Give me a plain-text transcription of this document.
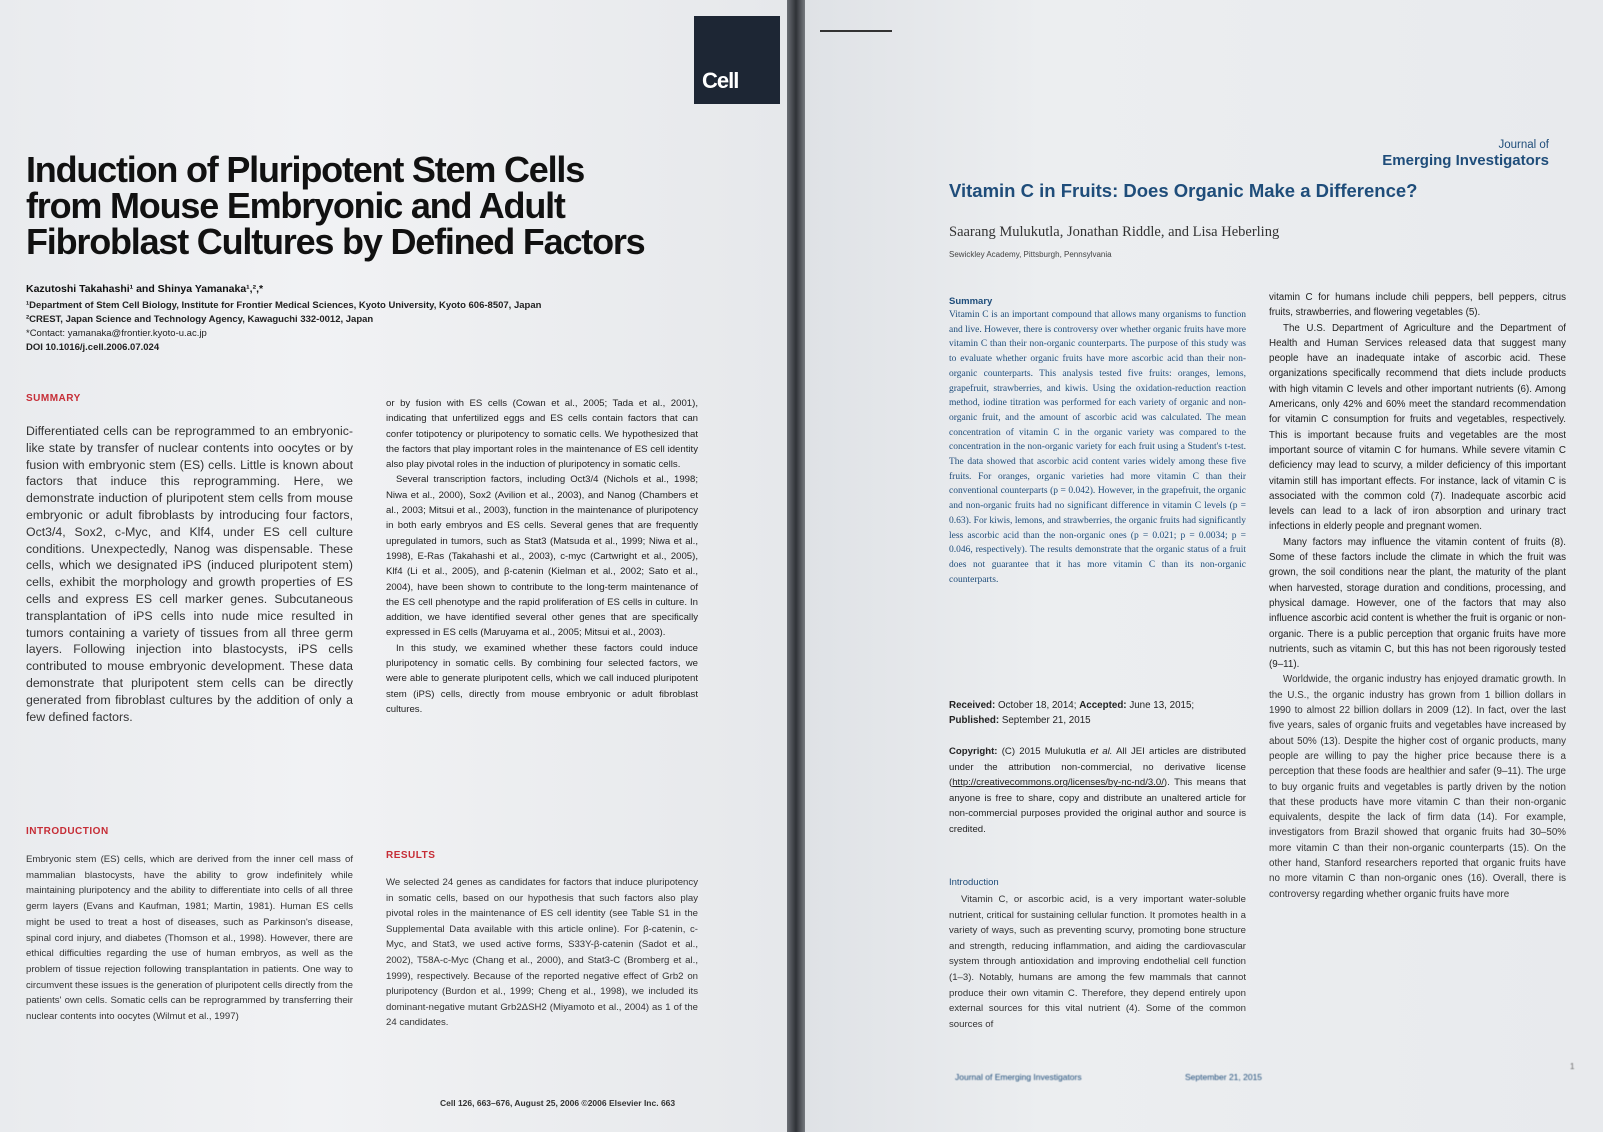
Cell
Induction of Pluripotent Stem Cells from Mouse Embryonic and Adult Fibroblast Cultures by Defined Factors
Kazutoshi Takahashi¹ and Shinya Yamanaka¹,²,*
¹Department of Stem Cell Biology, Institute for Frontier Medical Sciences, Kyoto University, Kyoto 606-8507, Japan
²CREST, Japan Science and Technology Agency, Kawaguchi 332-0012, Japan
*Contact: yamanaka@frontier.kyoto-u.ac.jp
DOI 10.1016/j.cell.2006.07.024
SUMMARY
Differentiated cells can be reprogrammed to an embryonic-like state by transfer of nuclear contents into oocytes or by fusion with embryonic stem (ES) cells. Little is known about factors that induce this reprogramming. Here, we demonstrate induction of pluripotent stem cells from mouse embryonic or adult fibroblasts by introducing four factors, Oct3/4, Sox2, c-Myc, and Klf4, under ES cell culture conditions. Unexpectedly, Nanog was dispensable. These cells, which we designated iPS (induced pluripotent stem) cells, exhibit the morphology and growth properties of ES cells and express ES cell marker genes. Subcutaneous transplantation of iPS cells into nude mice resulted in tumors containing a variety of tissues from all three germ layers. Following injection into blastocysts, iPS cells contributed to mouse embryonic development. These data demonstrate that pluripotent stem cells can be directly generated from fibroblast cultures by the addition of only a few defined factors.
INTRODUCTION
Embryonic stem (ES) cells, which are derived from the inner cell mass of mammalian blastocysts, have the ability to grow indefinitely while maintaining pluripotency and the ability to differentiate into cells of all three germ layers (Evans and Kaufman, 1981; Martin, 1981). Human ES cells might be used to treat a host of diseases, such as Parkinson's disease, spinal cord injury, and diabetes (Thomson et al., 1998). However, there are ethical difficulties regarding the use of human embryos, as well as the problem of tissue rejection following transplantation in patients. One way to circumvent these issues is the generation of pluripotent cells directly from the patients' own cells. Somatic cells can be reprogrammed by transferring their nuclear contents into oocytes (Wilmut et al., 1997)

or by fusion with ES cells (Cowan et al., 2005; Tada et al., 2001), indicating that unfertilized eggs and ES cells contain factors that can confer totipotency or pluripotency to somatic cells. We hypothesized that the factors that play important roles in the maintenance of ES cell identity also play pivotal roles in the induction of pluripotency in somatic cells.

Several transcription factors, including Oct3/4 (Nichols et al., 1998; Niwa et al., 2000), Sox2 (Avilion et al., 2003), and Nanog (Chambers et al., 2003; Mitsui et al., 2003), function in the maintenance of pluripotency in both early embryos and ES cells. Several genes that are frequently upregulated in tumors, such as Stat3 (Matsuda et al., 1999; Niwa et al., 1998), E-Ras (Takahashi et al., 2003), c-myc (Cartwright et al., 2005), Klf4 (Li et al., 2005), and β-catenin (Kielman et al., 2002; Sato et al., 2004), have been shown to contribute to the long-term maintenance of the ES cell phenotype and the rapid proliferation of ES cells in culture. In addition, we have identified several other genes that are specifically expressed in ES cells (Maruyama et al., 2005; Mitsui et al., 2003).

In this study, we examined whether these factors could induce pluripotency in somatic cells. By combining four selected factors, we were able to generate pluripotent cells, which we call induced pluripotent stem (iPS) cells, directly from mouse embryonic or adult fibroblast cultures.

RESULTS
We selected 24 genes as candidates for factors that induce pluripotency in somatic cells, based on our hypothesis that such factors also play pivotal roles in the maintenance of ES cell identity (see Table S1 in the Supplemental Data available with this article online). For β-catenin, c-Myc, and Stat3, we used active forms, S33Y-β-catenin (Sadot et al., 2002), T58A-c-Myc (Chang et al., 2000), and Stat3-C (Bromberg et al., 1999), respectively. Because of the reported negative effect of Grb2 on pluripotency (Burdon et al., 1999; Cheng et al., 1998), we included its dominant-negative mutant Grb2ΔSH2 (Miyamoto et al., 2004) as 1 of the 24 candidates.
Cell 126, 663–676, August 25, 2006 ©2006 Elsevier Inc. 663
Journal of
Emerging Investigators
Vitamin C in Fruits: Does Organic Make a Difference?
Saarang Mulukutla, Jonathan Riddle, and Lisa Heberling
Sewickley Academy, Pittsburgh, Pennsylvania
Summary
Vitamin C is an important compound that allows many organisms to function and live. However, there is controversy over whether organic fruits have more vitamin C than their non-organic counterparts. The purpose of this study was to evaluate whether organic fruits have more ascorbic acid than their non-organic counterparts. This analysis tested five fruits: oranges, lemons, grapefruit, strawberries, and kiwis. Using the oxidation-reduction reaction method, iodine titration was performed for each variety of organic and non-organic fruit, and the amount of ascorbic acid was calculated. The mean concentration of vitamin C in the organic variety was compared to the concentration in the non-organic variety for each fruit using a Student's t-test. The data showed that ascorbic acid content varies widely among these five fruits. For oranges, organic varieties had more vitamin C than their conventional counterparts (p = 0.042). However, in the grapefruit, the organic and non-organic fruits had no significant difference in vitamin C levels (p = 0.63). For kiwis, lemons, and strawberries, the organic fruits had significantly less ascorbic acid than the non-organic ones (p = 0.021; p = 0.0034; p = 0.046, respectively). The results demonstrate that the organic status of a fruit does not guarantee that it has more vitamin C than its non-organic counterparts.
Received: October 18, 2014; Accepted: June 13, 2015;
Published: September 21, 2015
Copyright: (C) 2015 Mulukutla et al. All JEI articles are distributed under the attribution non-commercial, no derivative license (http://creativecommons.org/licenses/by-nc-nd/3.0/). This means that anyone is free to share, copy and distribute an unaltered article for non-commercial purposes provided the original author and source is credited.
Introduction
Vitamin C, or ascorbic acid, is a very important water-soluble nutrient, critical for sustaining cellular function. It promotes health in a variety of ways, such as preventing scurvy, promoting bone structure and strength, reducing inflammation, and aiding the cardiovascular system through antioxidation and improving endothelial cell function (1–3). Notably, humans are among the few mammals that cannot produce their own vitamin C. Therefore, they depend entirely upon external sources for this vital nutrient (4). Some of the common sources of

vitamin C for humans include chili peppers, bell peppers, citrus fruits, strawberries, and flowering vegetables (5).

The U.S. Department of Agriculture and the Department of Health and Human Services released data that suggest many people have an inadequate intake of ascorbic acid. These organizations specifically recommend that diets include products with high vitamin C levels and other important nutrients (6). Among Americans, only 42% and 60% meet the standard recommendation for vitamin C consumption for fruits and vegetables, respectively. This is important because fruits and vegetables are the most important source of vitamin C for humans. While severe vitamin C deficiency may lead to scurvy, a milder deficiency of this important vitamin still has important effects. For instance, lack of vitamin C is associated with the common cold (7). Inadequate ascorbic acid levels can lead to a lack of iron absorption and urinary tract infections in elderly people and pregnant women.

Many factors may influence the vitamin content of fruits (8). Some of these factors include the climate in which the fruit was grown, the soil conditions near the plant, the maturity of the plant when harvested, storage duration and conditions, processing, and physical damage. However, one of the factors that may also influence ascorbic acid content is whether the fruit is organic or non-organic. There is a public perception that organic fruits have more nutrients, such as vitamin C, but this has not been rigorously tested (9–11).

Worldwide, the organic industry has enjoyed dramatic growth. In the U.S., the organic industry has grown from 1 billion dollars in 1990 to almost 22 billion dollars in 2009 (12). In fact, over the last five years, sales of organic fruits and vegetables have increased by about 50% (13). Despite the higher cost of organic products, many people are willing to pay the higher price because there is a perception that these foods are healthier and safer (9–11). The urge to buy organic fruits and vegetables is partly driven by the notion that these products have more vitamin C than their non-organic equivalents, despite the lack of firm data (14). For example, investigators from Brazil showed that organic fruits had 30–50% more vitamin C than their non-organic counterparts (15). On the other hand, Stanford researchers reported that organic fruits have no more vitamin C than non-organic ones (16). Overall, there is controversy regarding whether organic fruits have more

Journal of Emerging Investigators	September 21, 2015
1
